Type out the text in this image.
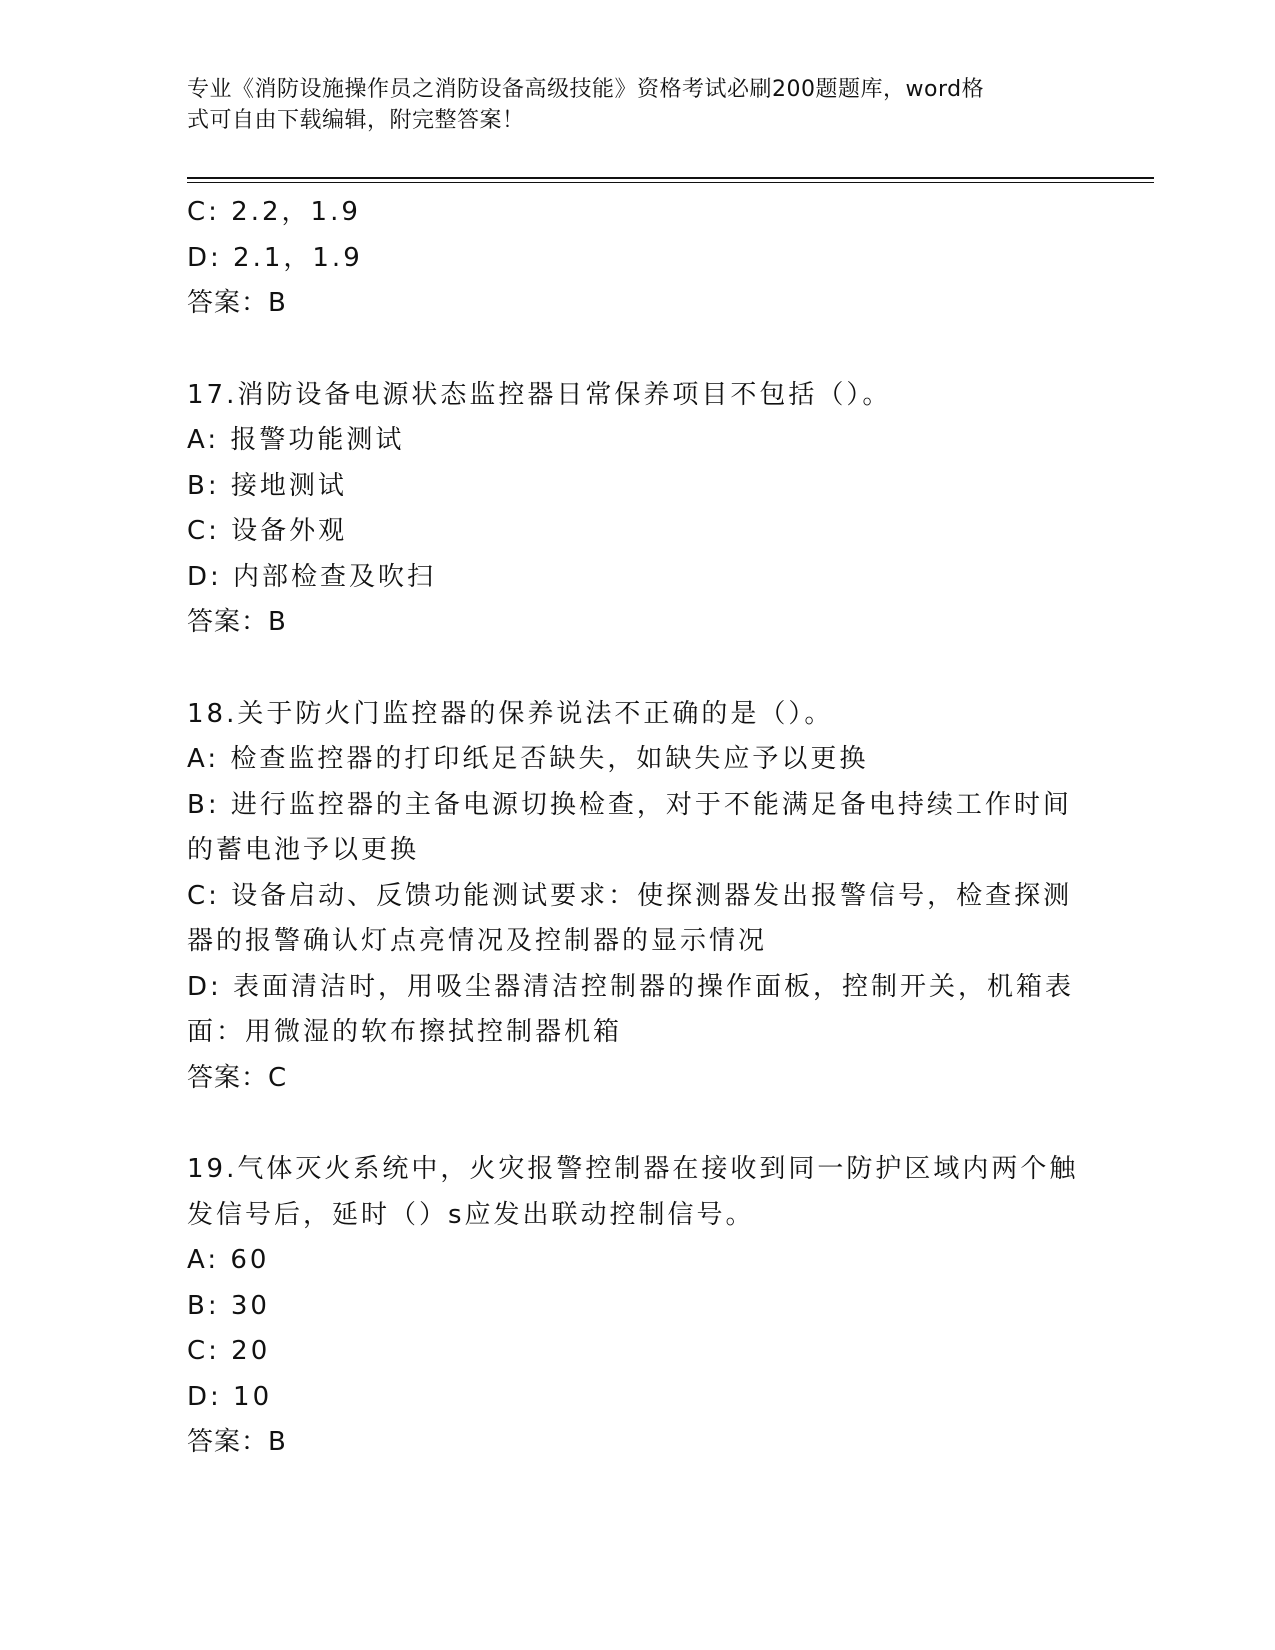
专业《消防设施操作员之消防设备高级技能》资格考试必刷200题题库，word格
式可自由下载编辑，附完整答案！
C: 2.2，1.9
D: 2.1，1.9
答案：B
17.消防设备电源状态监控器日常保养项目不包括（）。
A: 报警功能测试
B: 接地测试
C: 设备外观
D: 内部检查及吹扫
答案：B
18.关于防火门监控器的保养说法不正确的是（）。
A: 检查监控器的打印纸足否缺失，如缺失应予以更换
B: 进行监控器的主备电源切换检查，对于不能满足备电持续工作时间
的蓄电池予以更换
C: 设备启动、反馈功能测试要求：使探测器发出报警信号，检查探测
器的报警确认灯点亮情况及控制器的显示情况
D: 表面清洁时，用吸尘器清洁控制器的操作面板，控制开关，机箱表
面：用微湿的软布擦拭控制器机箱
答案：C
19.气体灭火系统中，火灾报警控制器在接收到同一防护区域内两个触
发信号后，延时（）s应发出联动控制信号。
A: 60
B: 30
C: 20
D: 10
答案：B
